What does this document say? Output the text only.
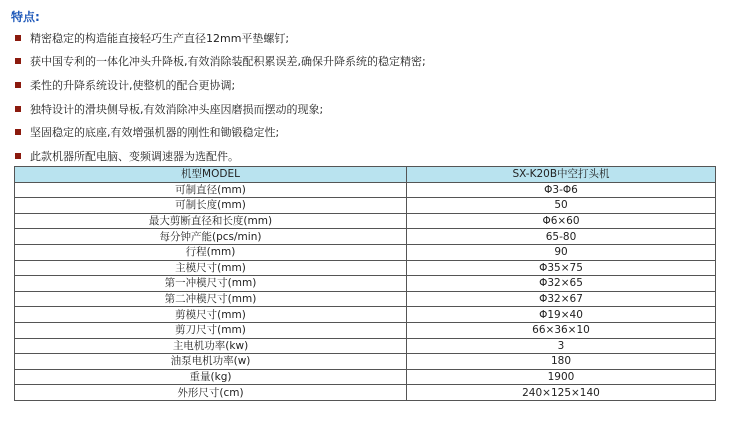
特点:
精密稳定的构造能直接轻巧生产直径12mm平垫螺钉;
获中国专利的一体化冲头升降板,有效消除装配积累误差,确保升降系统的稳定精密;
柔性的升降系统设计,使整机的配合更协调;
独特设计的滑块侧导板,有效消除冲头座因磨损而摆动的现象;
坚固稳定的底座,有效增强机器的刚性和锄锻稳定性;
此款机器所配电脑、变频调速器为选配件。
机型MODEL	SX-K20B中空打头机
可制直径(mm)	Φ3-Φ6
可制长度(mm)	50
最大剪断直径和长度(mm)	Φ6×60
每分钟产能(pcs/min)	65-80
行程(mm)	90
主模尺寸(mm)	Φ35×75
第一冲模尺寸(mm)	Φ32×65
第二冲模尺寸(mm)	Φ32×67
剪模尺寸(mm)	Φ19×40
剪刀尺寸(mm)	66×36×10
主电机功率(kw)	3
油泵电机功率(w)	180
重量(kg)	1900
外形尺寸(cm)	240×125×140
